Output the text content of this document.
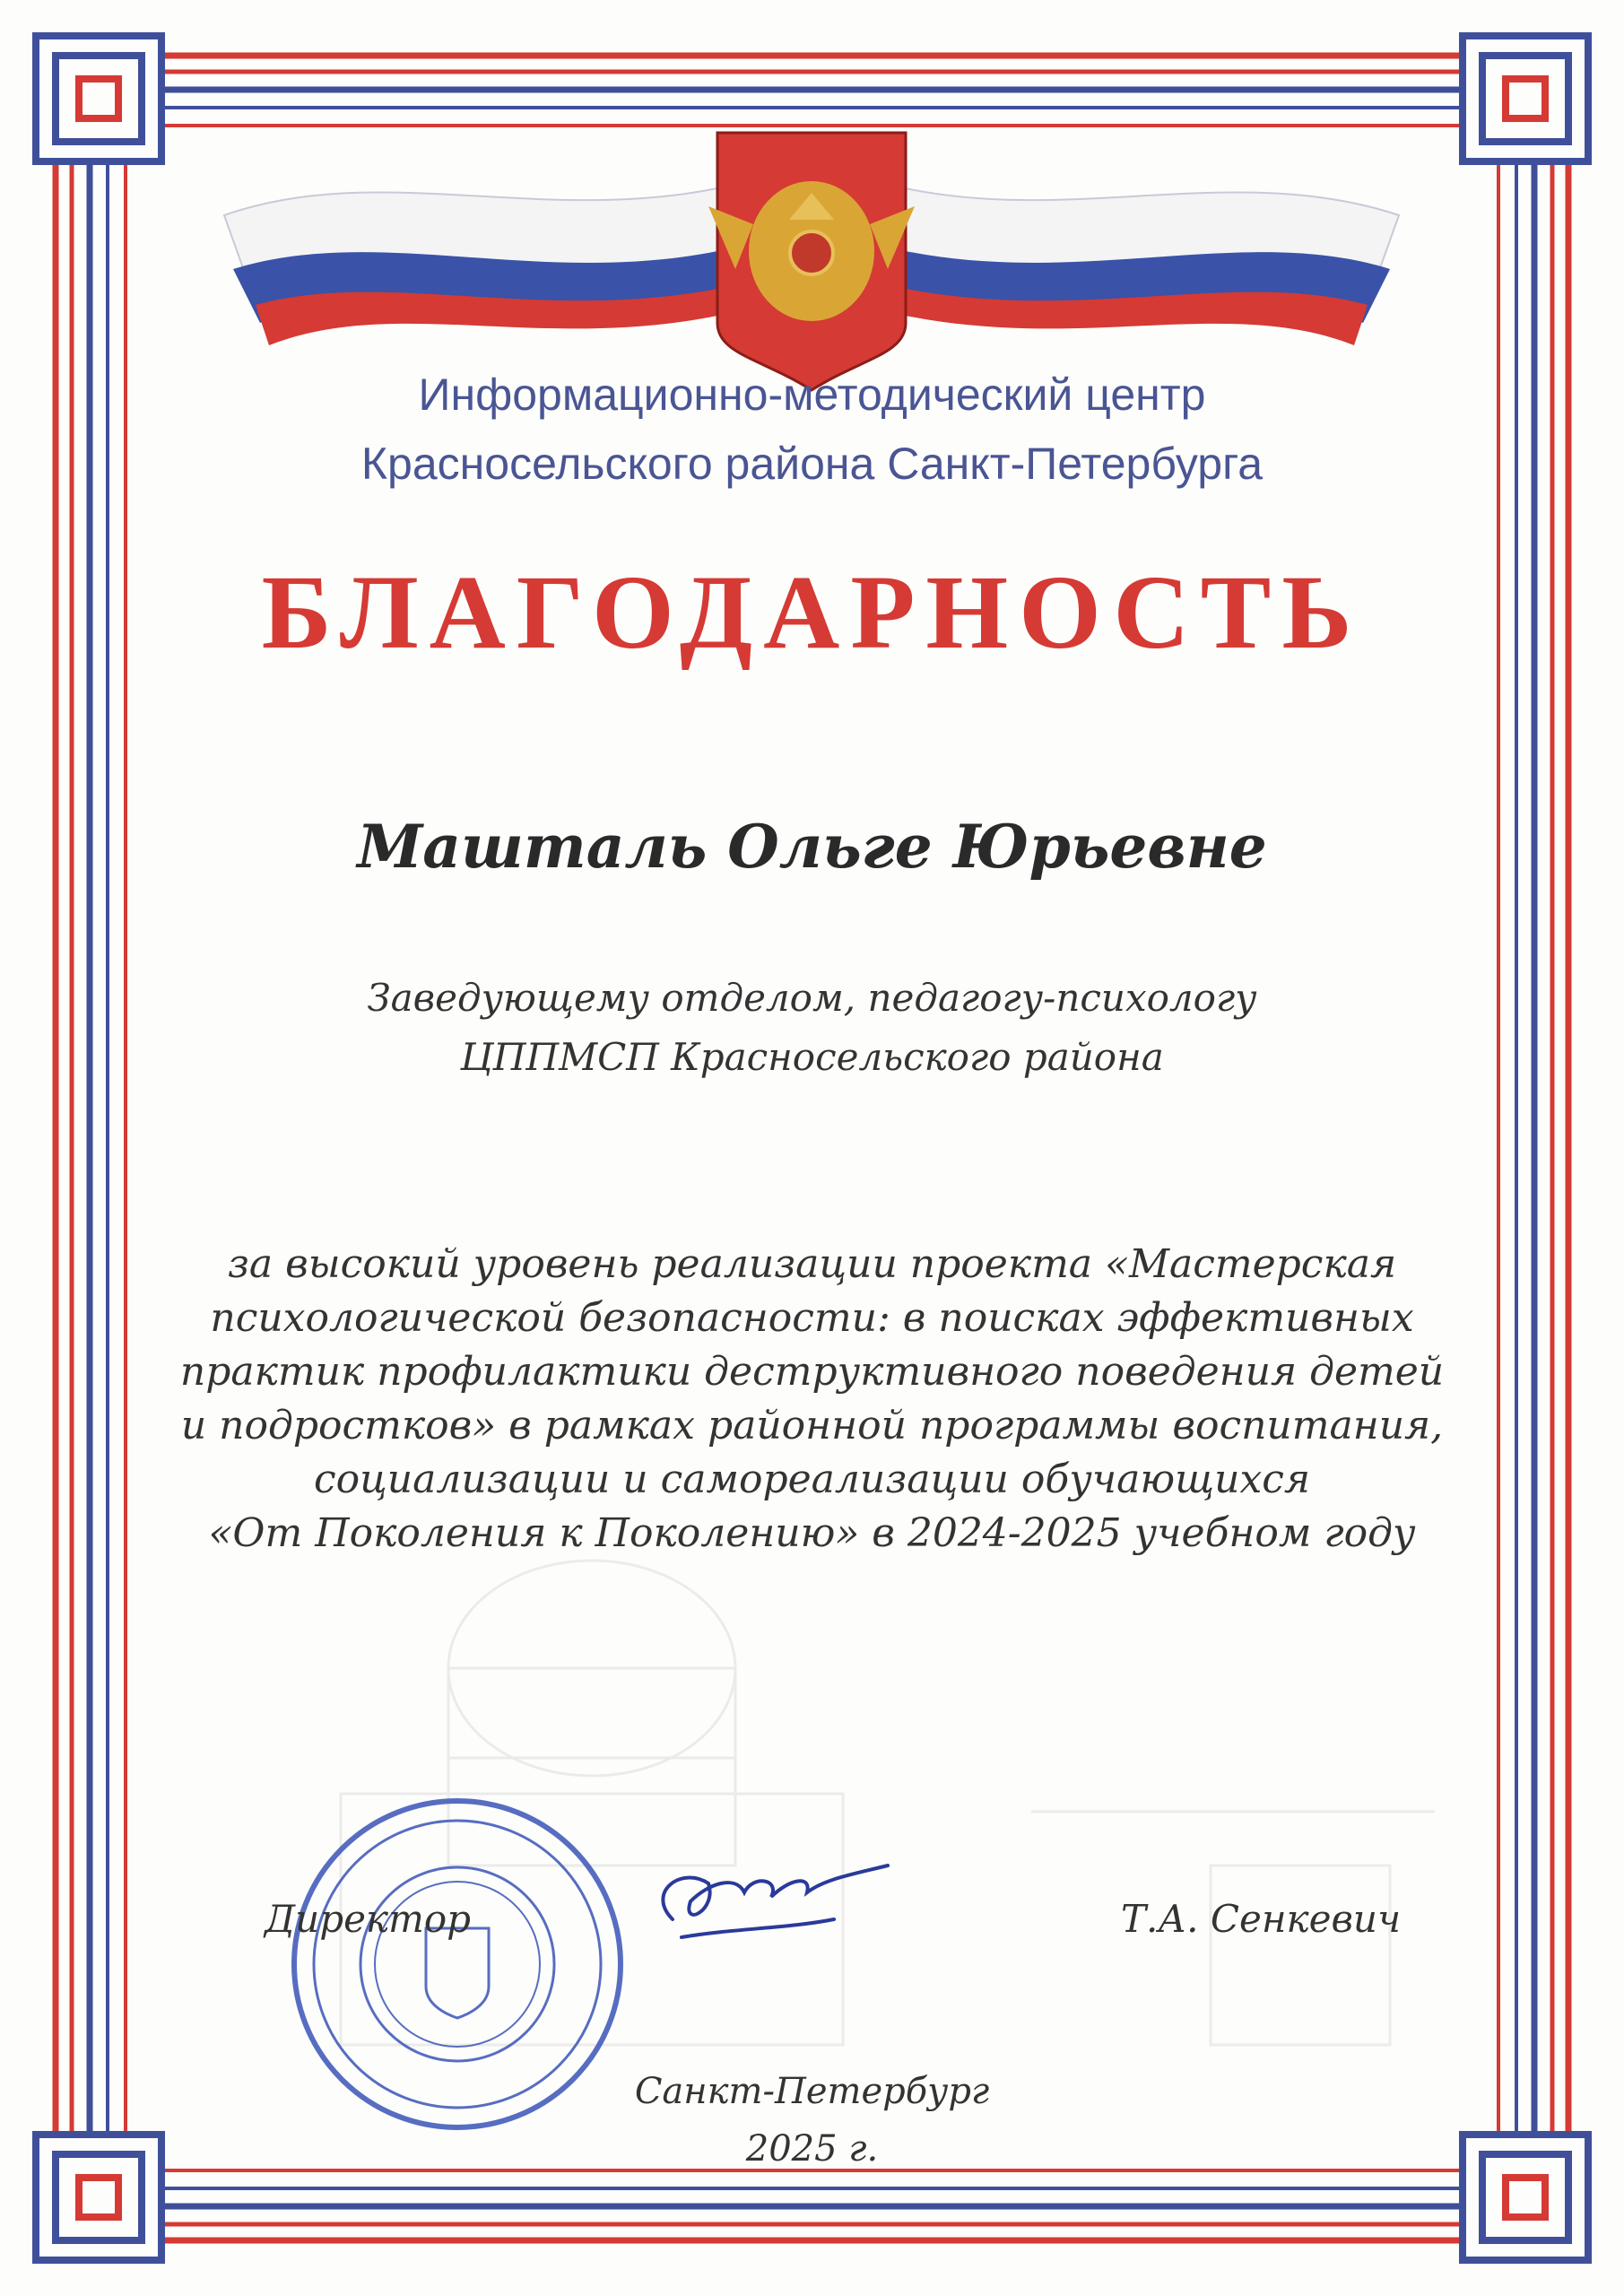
Информационно-методический центр
Красносельского района Санкт-Петербурга
БЛАГОДАРНОСТЬ
Машталь Ольге Юрьевне
Заведующему отделом, педагогу-психологу
ЦППМСП Красносельского района
за высокий уровень реализации проекта «Мастерская
психологической безопасности: в поисках эффективных
практик профилактики деструктивного поведения детей
и подростков» в рамках районной программы воспитания,
социализации и самореализации обучающихся
«От Поколения к Поколению» в 2024-2025 учебном году
Директор	Т.А. Сенкевич
Санкт-Петербург
2025 г.
